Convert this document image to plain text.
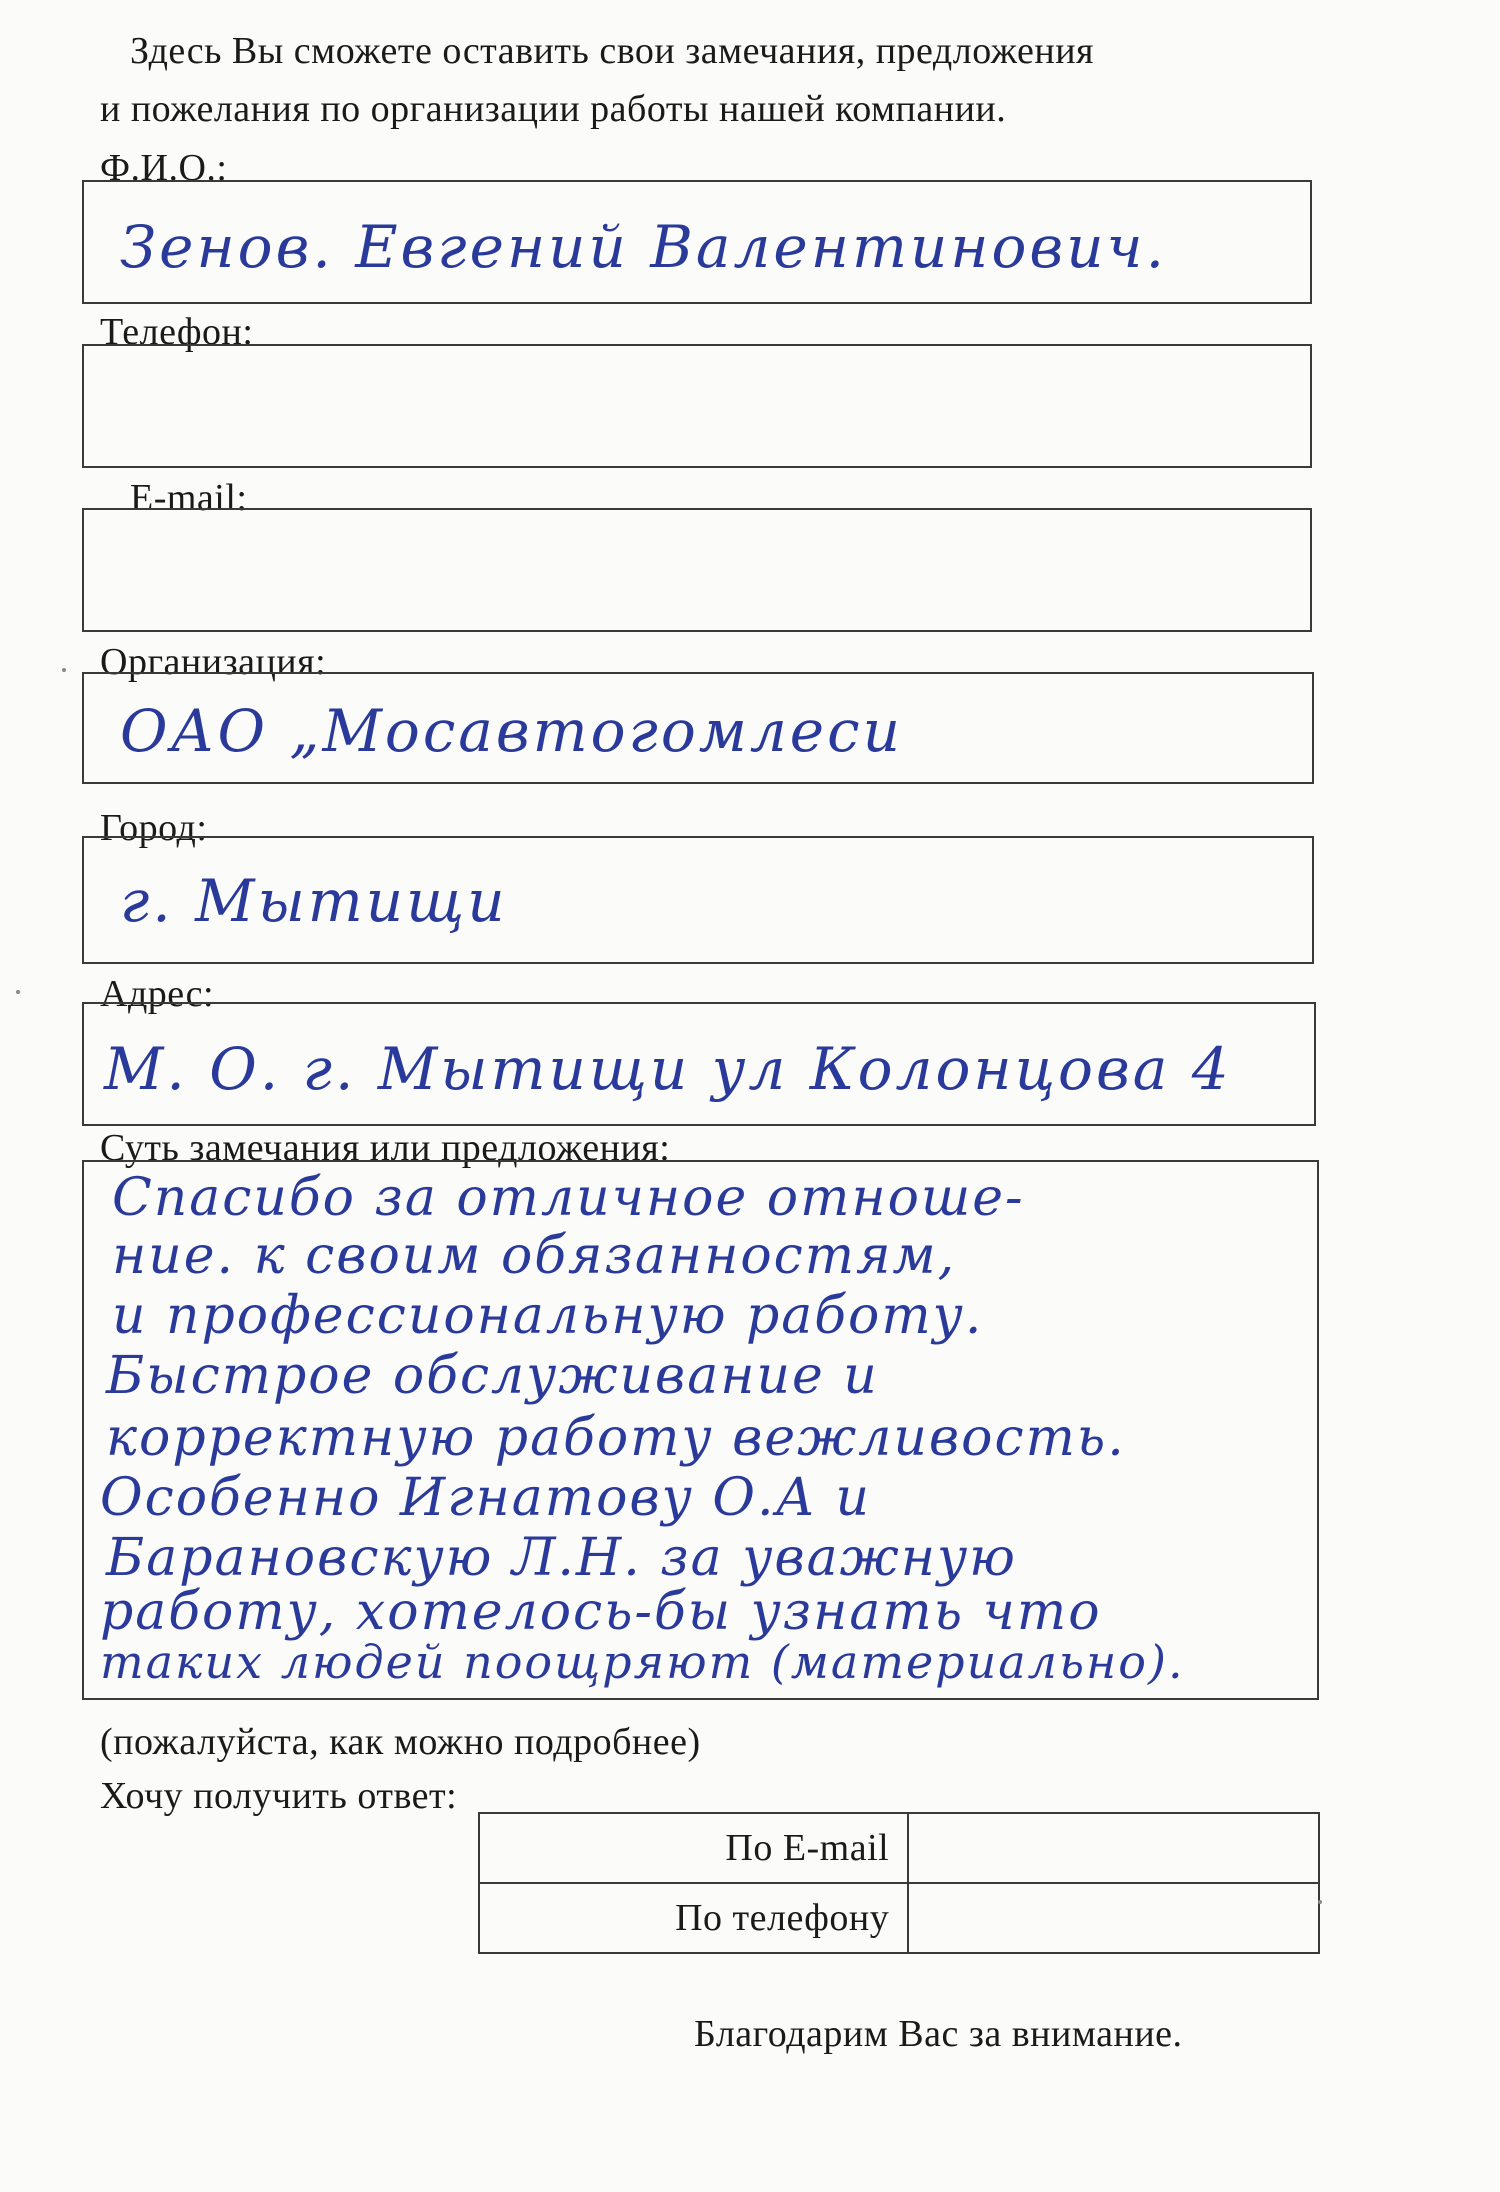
Здесь Вы сможете оставить свои замечания, предложения
и пожелания по организации работы нашей компании.
Ф.И.О.:
Зенов. Евгений Валентинович.
Телефон:
E-mail:
Организация:
ОАО „Мосавтогомлеси
Город:
г. Мытищи
Адрес:
М. О. г. Мытищи ул Колонцова 4
Суть замечания или предложения:
Спасибо за отличное отноше-
ние. к своим обязанностям,
и профессиональную работу.
Быстрое обслуживание и
корректную работу вежливость.
Особенно Игнатову О.А и
Барановскую Л.Н. за уважную
работу, хотелось-бы узнать что
таких людей поощряют (материально).
(пожалуйста, как можно подробнее)
Хочу получить ответ:
По E-mail	
По телефону	
Благодарим Вас за внимание.
